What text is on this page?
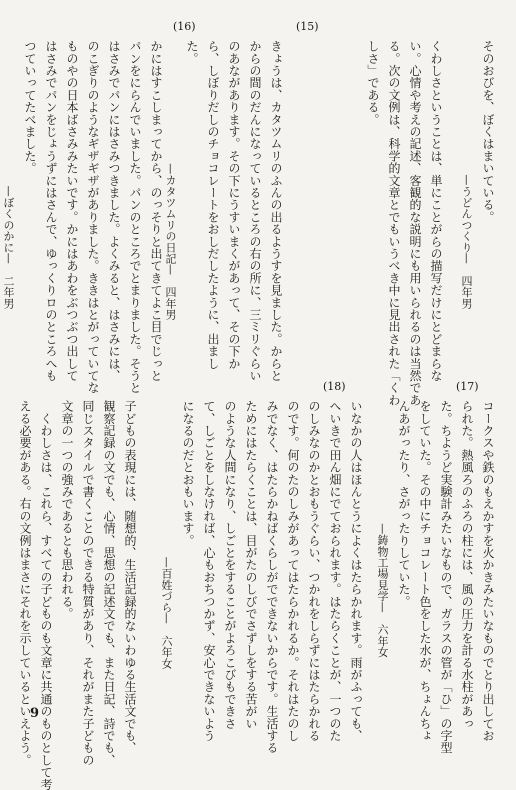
そのおびを、ぼくはまいている。

　　　　　　　　　　　　—うどんつくり—　四年男

くわしさということは、単にことがらの描写だけにとどまらな

い。心情や考えの記述、客観的な説明にも用いられるのは当然であ

る。次の文例は、科学的文章とでもいうべき中に見出された「くわ

しさ」である。

(15)

きょうは、カタツムリのふんの出るようすを見ました。からと

からの間のだんになっているところの右の所に、三ミリぐらい

のあながあります。その下にうすいまくがあって、その下か

ら、しぼりだしのチョコレートをおしだしたように、出まし

た。

　　　　　　　　　　　—カタツムリの日記—　四年男

(16)

かにはすこしまってから、のっそりと出てきてよこ目でじっと

パンをにらんでいました。パンのところでとまりました。そうと

はさみでパンにはさみつきました。よくみると、はさみには、

のこぎりのようなギザギザがありました。ききはとがっていてな

ものやの日本ばさみみたいです。かにはあわをぶつぶつ出して

はさみでパンをじょうずにはさんで、ゆっくりロのところへも

つていってたべました。

　　　　　　　　　　　　　—ぼくのかに—　二年男

(17)

コークスや鉄のもえかすを火かきみたいなものでとり出してお

られた。熱風ろのふろの柱には、風の圧力を計る水柱があっ

た。ちようど実験計みたいなもので、ガラスの管が「ひ」の字型

をしていた。その中にチョコレート色をした水が、ちょんちょ

んあがったり、さがったりしていた。

　　　　　　　　　　　—鋳物工場見学—　六年女

(18)

いなかの人はほんとうによくはたらかれます。雨がふっても、

へいきで田ん畑にでておられます。はたらくことが、一つのた

のしみなのかとおもうぐらい、つかれをしらずにはたらかれる

のです。何のたのしみがあってはたらかれるか。それはたのし

みでなく、はたらかねばくらしがでできないからです。生活する

ためにはたらくことは、目がたのしびでさずしをする苦がい

のような人間になり、しごとをすることがよろこびもできさ

て、しごとをしなければ、心もおちつかず、安心できないよう

になるのだとおもいます。

　　　　　　　　　　　　　　—百姓づら—　六年女

子どもの表現には、随想的、生活記録的ないわゆる生活文でも、

観察記録の文でも、心情、思想の記述文でも、また日記、詩でも、

同じスタイルで書くことのできる特質があり、それがまた子どもの

文章の一つの強みであるとも思われる。

　くわしさは、これら、すべての子どものも文章に共通のものとして考

える必要がある。右の文例はまさにそれを示しているといえよう。

9
